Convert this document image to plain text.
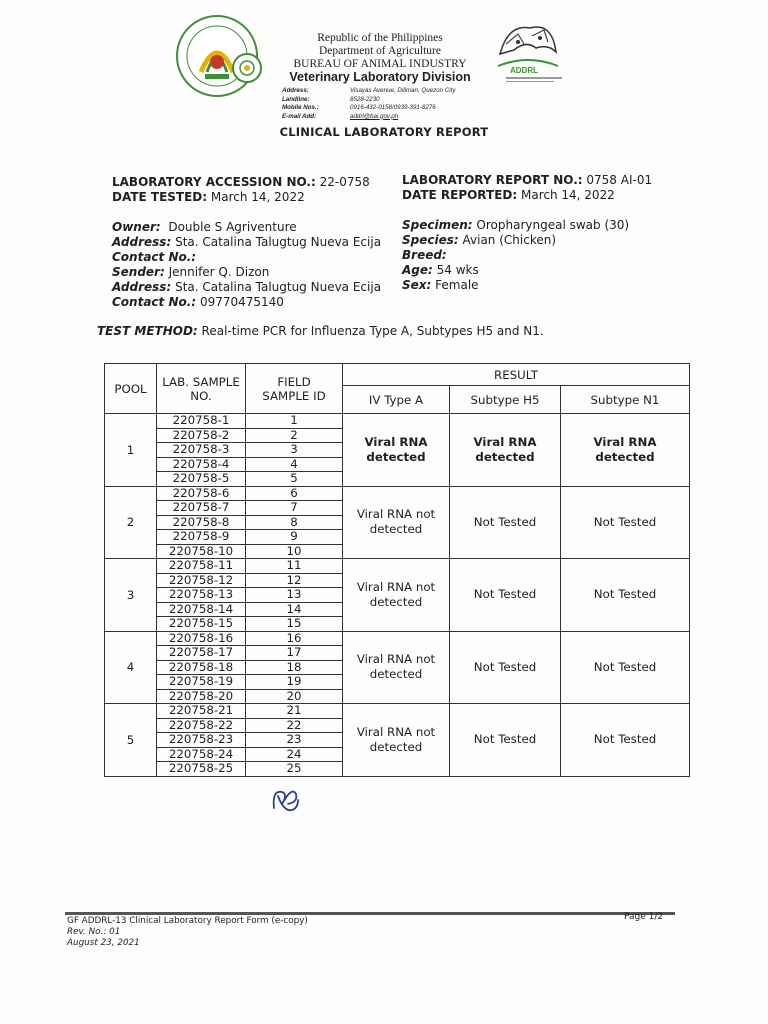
Republic of the Philippines
Department of Agriculture
BUREAU OF ANIMAL INDUSTRY
Veterinary Laboratory Division
Address:	Visayas Avenue, Diliman, Quezon City
Landline:	8528-2230
Mobile Nos.:	0916-432-0158/0939-391-8276
E-mail Add:	addrl@bai.gov.ph
ADDRL
CLINICAL LABORATORY REPORT
LABORATORY ACCESSION NO.: 22-0758
DATE TESTED: March 14, 2022
LABORATORY REPORT NO.: 0758 AI-01
DATE REPORTED: March 14, 2022
Owner: Double S Agriventure
Address: Sta. Catalina Talugtug Nueva Ecija
Contact No.:
Sender: Jennifer Q. Dizon
Address: Sta. Catalina Talugtug Nueva Ecija
Contact No.: 09770475140
Specimen: Oropharyngeal swab (30)
Species: Avian (Chicken)
Breed:
Age: 54 wks
Sex: Female
TEST METHOD: Real-time PCR for Influenza Type A, Subtypes H5 and N1.
POOL	LAB. SAMPLE NO.	FIELD SAMPLE ID	RESULT		
			IV Type A	Subtype H5	Subtype N1
1	220758-1	1	Viral RNA detected	Viral RNA detected	Viral RNA detected
	220758-2	2			
	220758-3	3			
	220758-4	4			
	220758-5	5			
2	220758-6	6	Viral RNA not detected	Not Tested	Not Tested
	220758-7	7			
	220758-8	8			
	220758-9	9			
	220758-10	10			
3	220758-11	11	Viral RNA not detected	Not Tested	Not Tested
	220758-12	12			
	220758-13	13			
	220758-14	14			
	220758-15	15			
4	220758-16	16	Viral RNA not detected	Not Tested	Not Tested
	220758-17	17			
	220758-18	18			
	220758-19	19			
	220758-20	20			
5	220758-21	21	Viral RNA not detected	Not Tested	Not Tested
	220758-22	22			
	220758-23	23			
	220758-24	24			
	220758-25	25			
GF ADDRL-13 Clinical Laboratory Report Form (e-copy)
Rev. No.: 01
August 23, 2021
Page 1/2
